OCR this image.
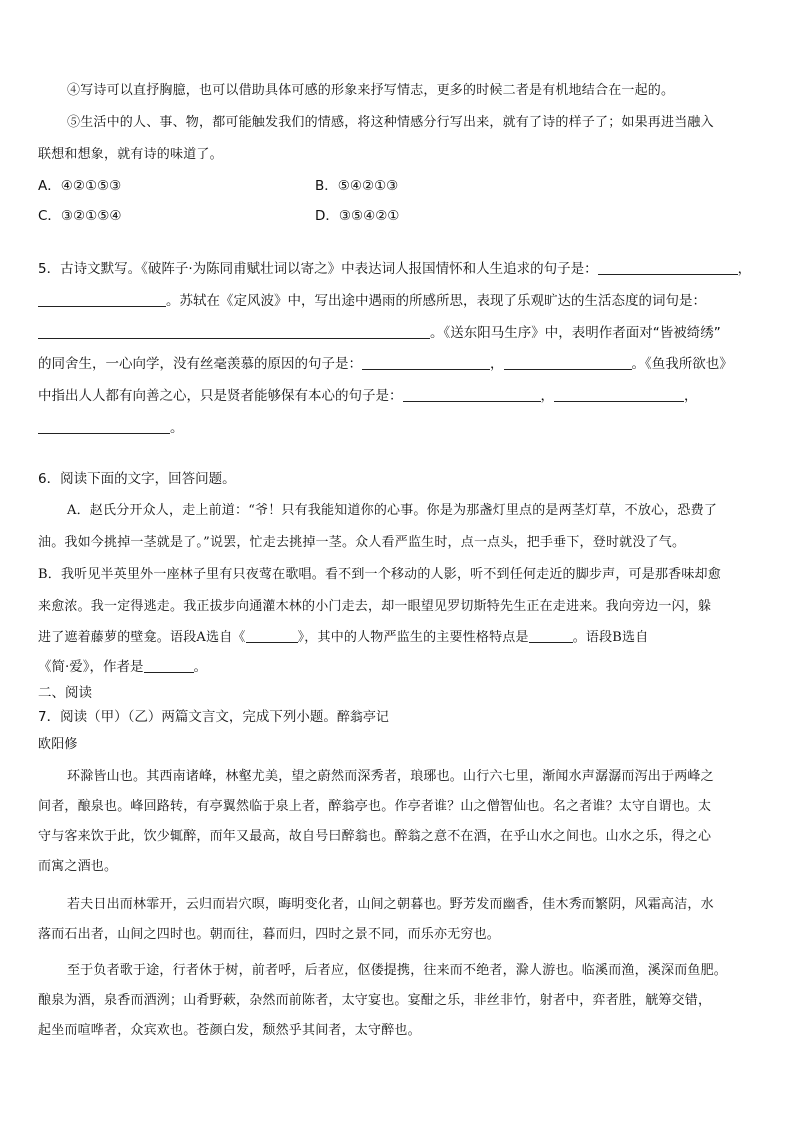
④写诗可以直抒胸臆，也可以借助具体可感的形象来抒写情志，更多的时候二者是有机地结合在一起的。
⑤生活中的人、事、物，都可能触发我们的情感，将这种情感分行写出来，就有了诗的样子了；如果再进当融入
联想和想象，就有诗的味道了。
A．④②①⑤③	B．⑤④②①③
C．③②①⑤④	D．③⑤④②①
5．古诗文默写。《破阵子·为陈同甫赋壮词以寄之》中表达词人报国情怀和人生追求的句子是：	，
。苏轼在《定风波》中，写出途中遇雨的所感所思，表现了乐观旷达的生活态度的词句是：
。《送东阳马生序》中，表明作者面对“皆被绮绣”
的同舍生，一心向学，没有丝毫羡慕的原因的句子是：	，	。《鱼我所欲也》
中指出人人都有向善之心，只是贤者能够保有本心的句子是：	，	，
。
6．阅读下面的文字，回答问题。
A．赵氏分开众人，走上前道：“爷！只有我能知道你的心事。你是为那盏灯里点的是两茎灯草，不放心，恐费了
油。我如今挑掉一茎就是了。”说罢，忙走去挑掉一茎。众人看严监生时，点一点头，把手垂下，登时就没了气。
B．我听见半英里外一座林子里有只夜莺在歌唱。看不到一个移动的人影，听不到任何走近的脚步声，可是那香味却愈
来愈浓。我一定得逃走。我正拔步向通灌木林的小门走去，却一眼望见罗切斯特先生正在走进来。我向旁边一闪，躲
进了遮着藤萝的壁龛。语段A选自《	》，其中的人物严监生的主要性格特点是	。语段B选自
《简·爱》，作者是	。
二、阅读
7．阅读（甲）（乙）两篇文言文，完成下列小题。醉翁亭记
欧阳修
环滁皆山也。其西南诸峰，林壑尤美，望之蔚然而深秀者，琅琊也。山行六七里，渐闻水声潺潺而泻出于两峰之
间者，酿泉也。峰回路转，有亭翼然临于泉上者，醉翁亭也。作亭者谁？山之僧智仙也。名之者谁？太守自谓也。太
守与客来饮于此，饮少辄醉，而年又最高，故自号曰醉翁也。醉翁之意不在酒，在乎山水之间也。山水之乐，得之心
而寓之酒也。
若夫日出而林霏开，云归而岩穴暝，晦明变化者，山间之朝暮也。野芳发而幽香，佳木秀而繁阴，风霜高洁，水
落而石出者，山间之四时也。朝而往，暮而归，四时之景不同，而乐亦无穷也。
至于负者歌于途，行者休于树，前者呼，后者应，伛偻提携，往来而不绝者，滁人游也。临溪而渔，溪深而鱼肥。
酿泉为酒，泉香而酒洌；山肴野蔌，杂然而前陈者，太守宴也。宴酣之乐，非丝非竹，射者中，弈者胜，觥筹交错，
起坐而喧哗者，众宾欢也。苍颜白发，颓然乎其间者，太守醉也。
